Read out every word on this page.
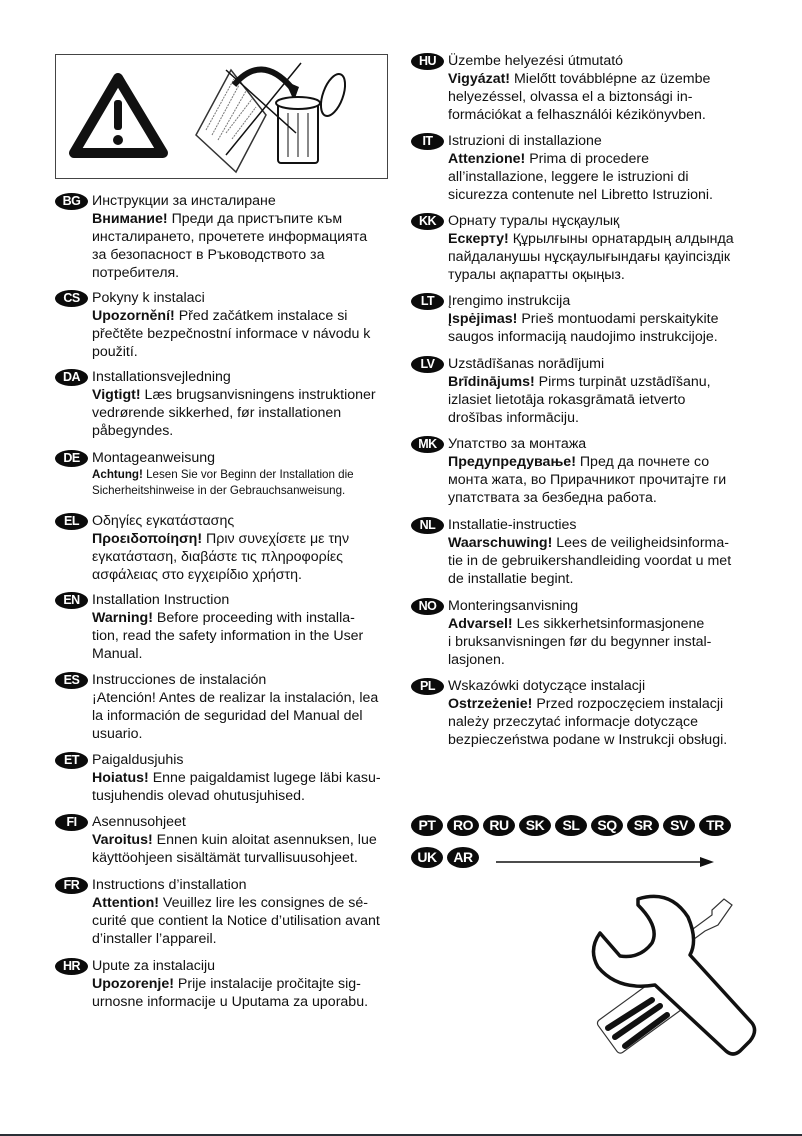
BG Инструкции за инсталиране
Внимание! Преди да пристъпите към
инсталирането, прочетете информацията
за безопасност в Ръководството за
потребителя.
CS Pokyny k instalaci
Upozornění! Před začátkem instalace si
přečtěte bezpečnostní informace v návodu k
použití.
DA Installationsvejledning
Vigtigt! Læs brugsanvisningens instruktioner
vedrørende sikkerhed, før installationen
påbegyndes.
DE Montageanweisung
Achtung! Lesen Sie vor Beginn der Installation die
Sicherheitshinweise in der Gebrauchsanweisung.
EL Οδηγίες εγκατάστασης
Προειδοποίηση! Πριν συνεχίσετε με την
εγκατάσταση, διαβάστε τις πληροφορίες
ασφάλειας στο εγχειρίδιο χρήστη.
EN Installation Instruction
Warning! Before proceeding with installa-
tion, read the safety information in the User
Manual.
ES Instrucciones de instalación
¡Atención! Antes de realizar la instalación, lea
la información de seguridad del Manual del
usuario.
ET Paigaldusjuhis
Hoiatus! Enne paigaldamist lugege läbi kasu-
tusjuhendis olevad ohutusjuhised.
FI	Asennusohjeet
Varoitus! Ennen kuin aloitat asennuksen, lue
käyttöohjeen sisältämät turvallisuusohjeet.
FR Instructions d’installation
Attention! Veuillez lire les consignes de sé-
curité que contient la Notice d’utilisation avant
d’installer l’appareil.
HR Upute za instalaciju
Upozorenje! Prije instalacije pročitajte sig-
urnosne informacije u Uputama za uporabu.
HU Üzembe helyezési útmutató
Vigyázat! Mielőtt továbblépne az üzembe
helyezéssel, olvassa el a biztonsági in-
formációkat a felhasználói kézikönyvben.
IT	Istruzioni di installazione
Attenzione! Prima di procedere
all’installazione, leggere le istruzioni di
sicurezza contenute nel Libretto Istruzioni.
KK Орнату туралы нұсқаулық
Ескерту! Құрылғыны орнатардың алдында
пайдаланушы нұсқаулығындағы қауіпсіздік
туралы ақпаратты оқыңыз.
LT Įrengimo instrukcija
Įspėjimas! Prieš montuodami perskaitykite
saugos informaciją naudojimo instrukcijoje.
LV Uzstādīšanas norādījumi
Brīdinājums! Pirms turpināt uzstādīšanu,
izlasiet lietotāja rokasgrāmatā ietverto
drošības informāciju.
MK Упатство за монтажа
Предупредување! Пред да почнете со
монта жата, во Прирачникот прочитајте ги
упатствата за безбедна работа.
NL Installatie-instructies
Waarschuwing! Lees de veiligheidsinforma-
tie in de gebruikershandleiding voordat u met
de installatie begint.
NO Monteringsanvisning
Advarsel! Les sikkerhetsinformasjonene
i bruksanvisningen før du begynner instal-
lasjonen.
PL Wskazówki dotyczące instalacji
Ostrzeżenie! Przed rozpoczęciem instalacji
należy przeczytać informacje dotyczące
bezpieczeństwa podane w Instrukcji obsługi.
PT	RO	RU	SK	SL	SQ	SR	SV	TR
UK	AR
